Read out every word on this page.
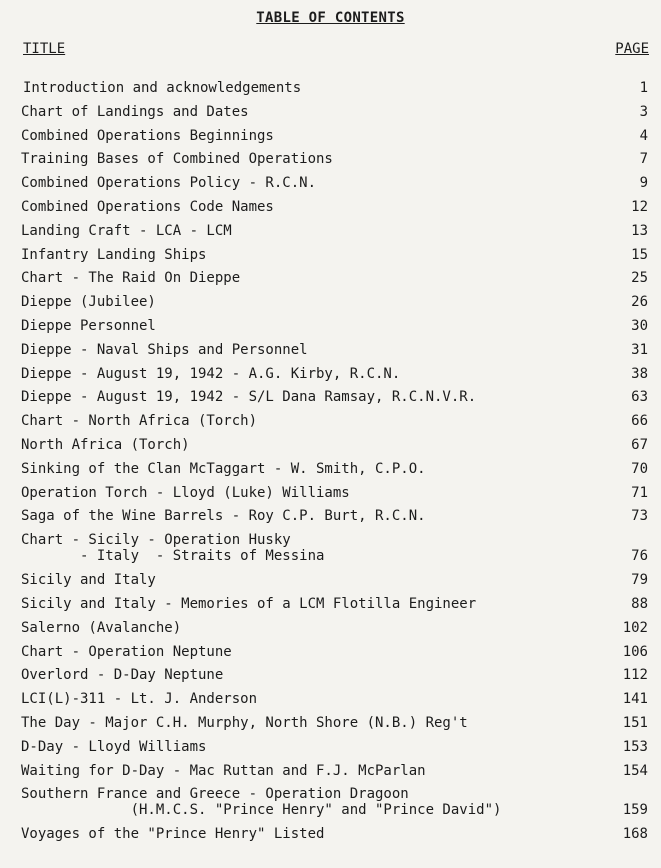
TABLE OF CONTENTS
TITLE	PAGE
Introduction and acknowledgements	1
Chart of Landings and Dates	3
Combined Operations Beginnings	4
Training Bases of Combined Operations	7
Combined Operations Policy - R.C.N.	9
Combined Operations Code Names	12
Landing Craft - LCA - LCM	13
Infantry Landing Ships	15
Chart - The Raid On Dieppe	25
Dieppe (Jubilee)	26
Dieppe Personnel	30
Dieppe - Naval Ships and Personnel	31
Dieppe - August 19, 1942 - A.G. Kirby, R.C.N.	38
Dieppe - August 19, 1942 - S/L Dana Ramsay, R.C.N.V.R.	63
Chart - North Africa (Torch)	66
North Africa (Torch)	67
Sinking of the Clan McTaggart - W. Smith, C.P.O.	70
Operation Torch - Lloyd (Luke) Williams	71
Saga of the Wine Barrels - Roy C.P. Burt, R.C.N.	73
Chart - Sicily - Operation Husky
- Italy  - Straits of Messina	76
Sicily and Italy	79
Sicily and Italy - Memories of a LCM Flotilla Engineer	88
Salerno (Avalanche)	102
Chart - Operation Neptune	106
Overlord - D-Day Neptune	112
LCI(L)-311 - Lt. J. Anderson	141
The Day - Major C.H. Murphy, North Shore (N.B.) Reg't	151
D-Day - Lloyd Williams	153
Waiting for D-Day - Mac Ruttan and F.J. McParlan	154
Southern France and Greece - Operation Dragoon
(H.M.C.S. "Prince Henry" and "Prince David")	159
Voyages of the "Prince Henry" Listed	168
